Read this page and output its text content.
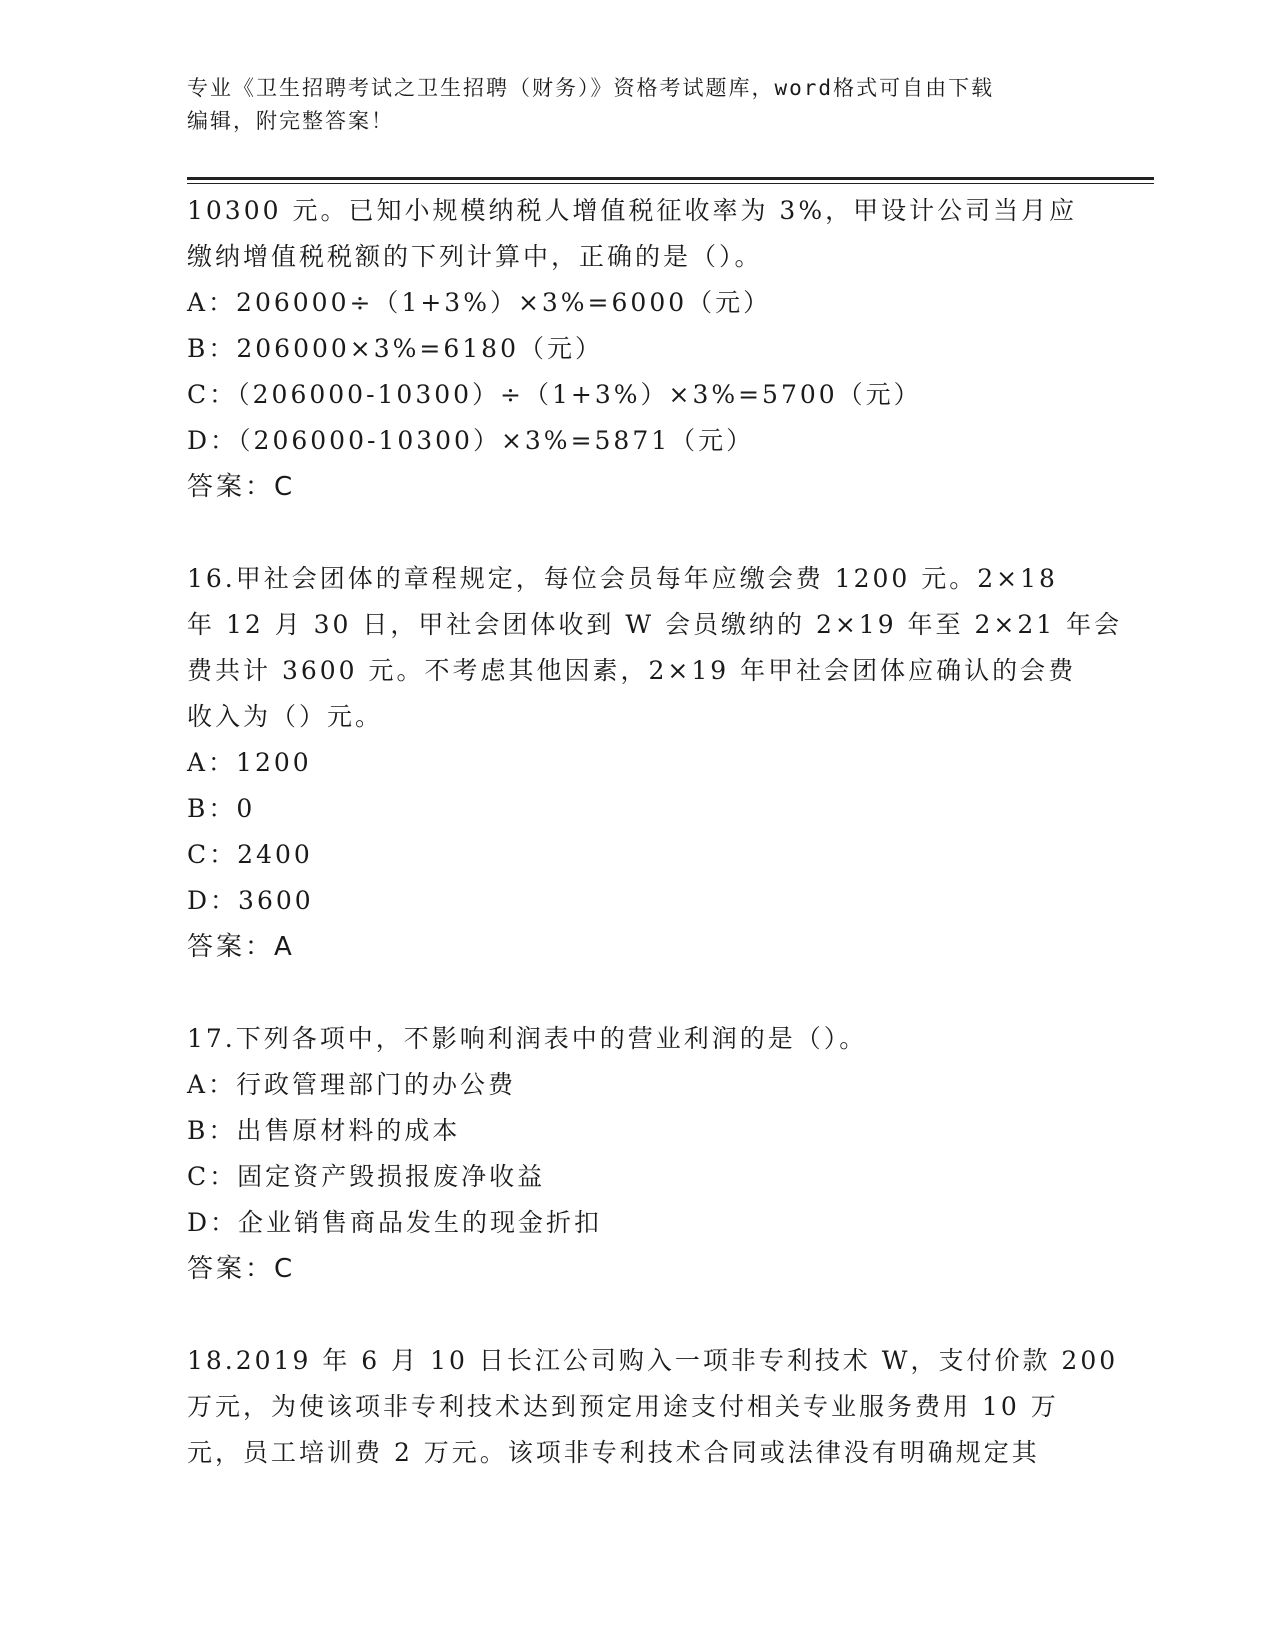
专业《卫生招聘考试之卫生招聘（财务）》资格考试题库，word格式可自由下载
编辑，附完整答案！
10300 元。已知小规模纳税人增值税征收率为 3%，甲设计公司当月应
缴纳增值税税额的下列计算中，正确的是（）。
A：206000÷（1+3%）×3%=6000（元）
B：206000×3%=6180（元）
C：（206000-10300）÷（1+3%）×3%=5700（元）
D：（206000-10300）×3%=5871（元）
答案：C
16.甲社会团体的章程规定，每位会员每年应缴会费 1200 元。2×18
年 12 月 30 日，甲社会团体收到 W 会员缴纳的 2×19 年至 2×21 年会
费共计 3600 元。不考虑其他因素，2×19 年甲社会团体应确认的会费
收入为（）元。
A：1200
B：0
C：2400
D：3600
答案：A
17.下列各项中，不影响利润表中的营业利润的是（）。
A：行政管理部门的办公费
B：出售原材料的成本
C：固定资产毁损报废净收益
D：企业销售商品发生的现金折扣
答案：C
18.2019 年 6 月 10 日长江公司购入一项非专利技术 W，支付价款 200
万元，为使该项非专利技术达到预定用途支付相关专业服务费用 10 万
元，员工培训费 2 万元。该项非专利技术合同或法律没有明确规定其
